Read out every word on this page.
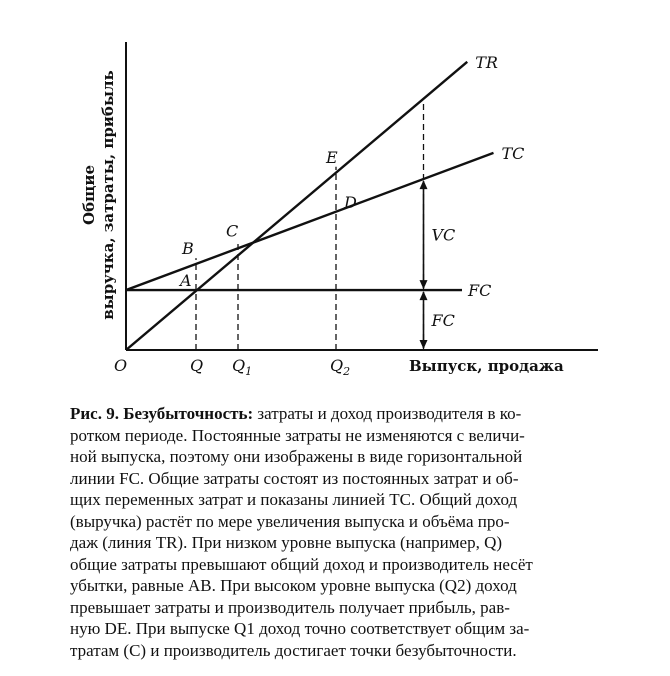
O	Выпуск, продажа
Общие выручка, затраты, прибыль
TR
TC
FC
Q $Q_1$	$Q_2$
A
B
C
D
E
VC
FC
Рис. 9. Безубыточность: затраты и доход производителя в ко-
ротком периоде. Постоянные затраты не изменяются с величи-
ной выпуска, поэтому они изображены в виде горизонтальной
линии FC. Общие затраты состоят из постоянных затрат и об-
щих переменных затрат и показаны линией TC. Общий доход
(выручка) растёт по мере увеличения выпуска и объёма про-
даж (линия TR). При низком уровне выпуска (например, Q)
общие затраты превышают общий доход и производитель несёт
убытки, равные AB. При высоком уровне выпуска (Q2) доход
превышает затраты и производитель получает прибыль, рав-
ную DE. При выпуске Q1 доход точно соответствует общим за-
тратам (C) и производитель достигает точки безубыточности.
